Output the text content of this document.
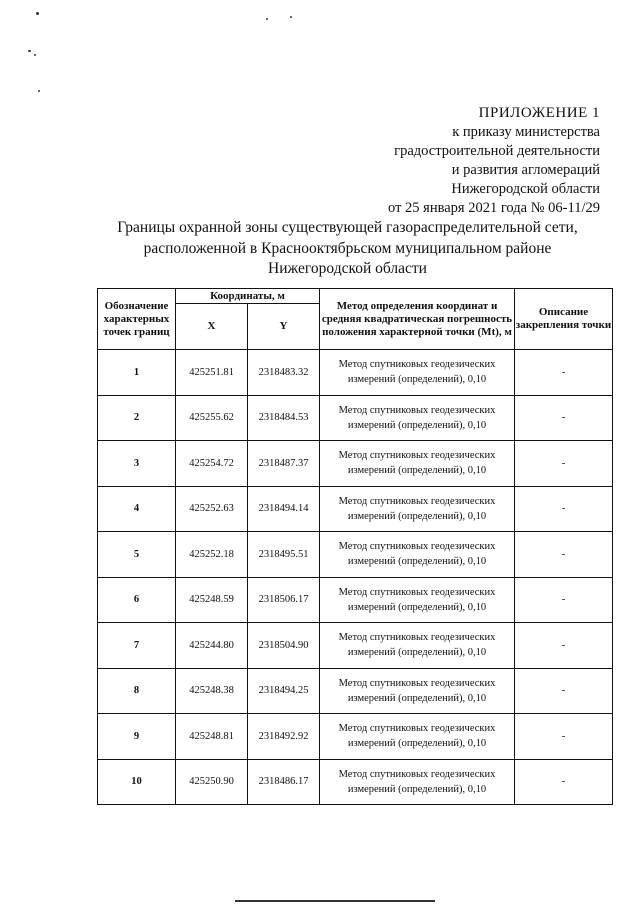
ПРИЛОЖЕНИЕ 1
к приказу министерства
градостроительной деятельности
и развития агломераций
Нижегородской области
от 25 января 2021 года № 06-11/29
Границы охранной зоны существующей газораспределительной сети,
расположенной в Краснооктябрьском муниципальном районе
Нижегородской области
Обозначение характерных точек границ	Координаты, м		Метод определения координат и средняя квадратическая погрешность положения характерной точки (Mt), м	Описание закрепления точки
	X	Y		
1	425251.81	2318483.32	Метод спутниковых геодезических измерений (определений), 0,10	-
2	425255.62	2318484.53	Метод спутниковых геодезических измерений (определений), 0,10	-
3	425254.72	2318487.37	Метод спутниковых геодезических измерений (определений), 0,10	-
4	425252.63	2318494.14	Метод спутниковых геодезических измерений (определений), 0,10	-
5	425252.18	2318495.51	Метод спутниковых геодезических измерений (определений), 0,10	-
6	425248.59	2318506.17	Метод спутниковых геодезических измерений (определений), 0,10	-
7	425244.80	2318504.90	Метод спутниковых геодезических измерений (определений), 0,10	-
8	425248.38	2318494.25	Метод спутниковых геодезических измерений (определений), 0,10	-
9	425248.81	2318492.92	Метод спутниковых геодезических измерений (определений), 0,10	-
10	425250.90	2318486.17	Метод спутниковых геодезических измерений (определений), 0,10	-
